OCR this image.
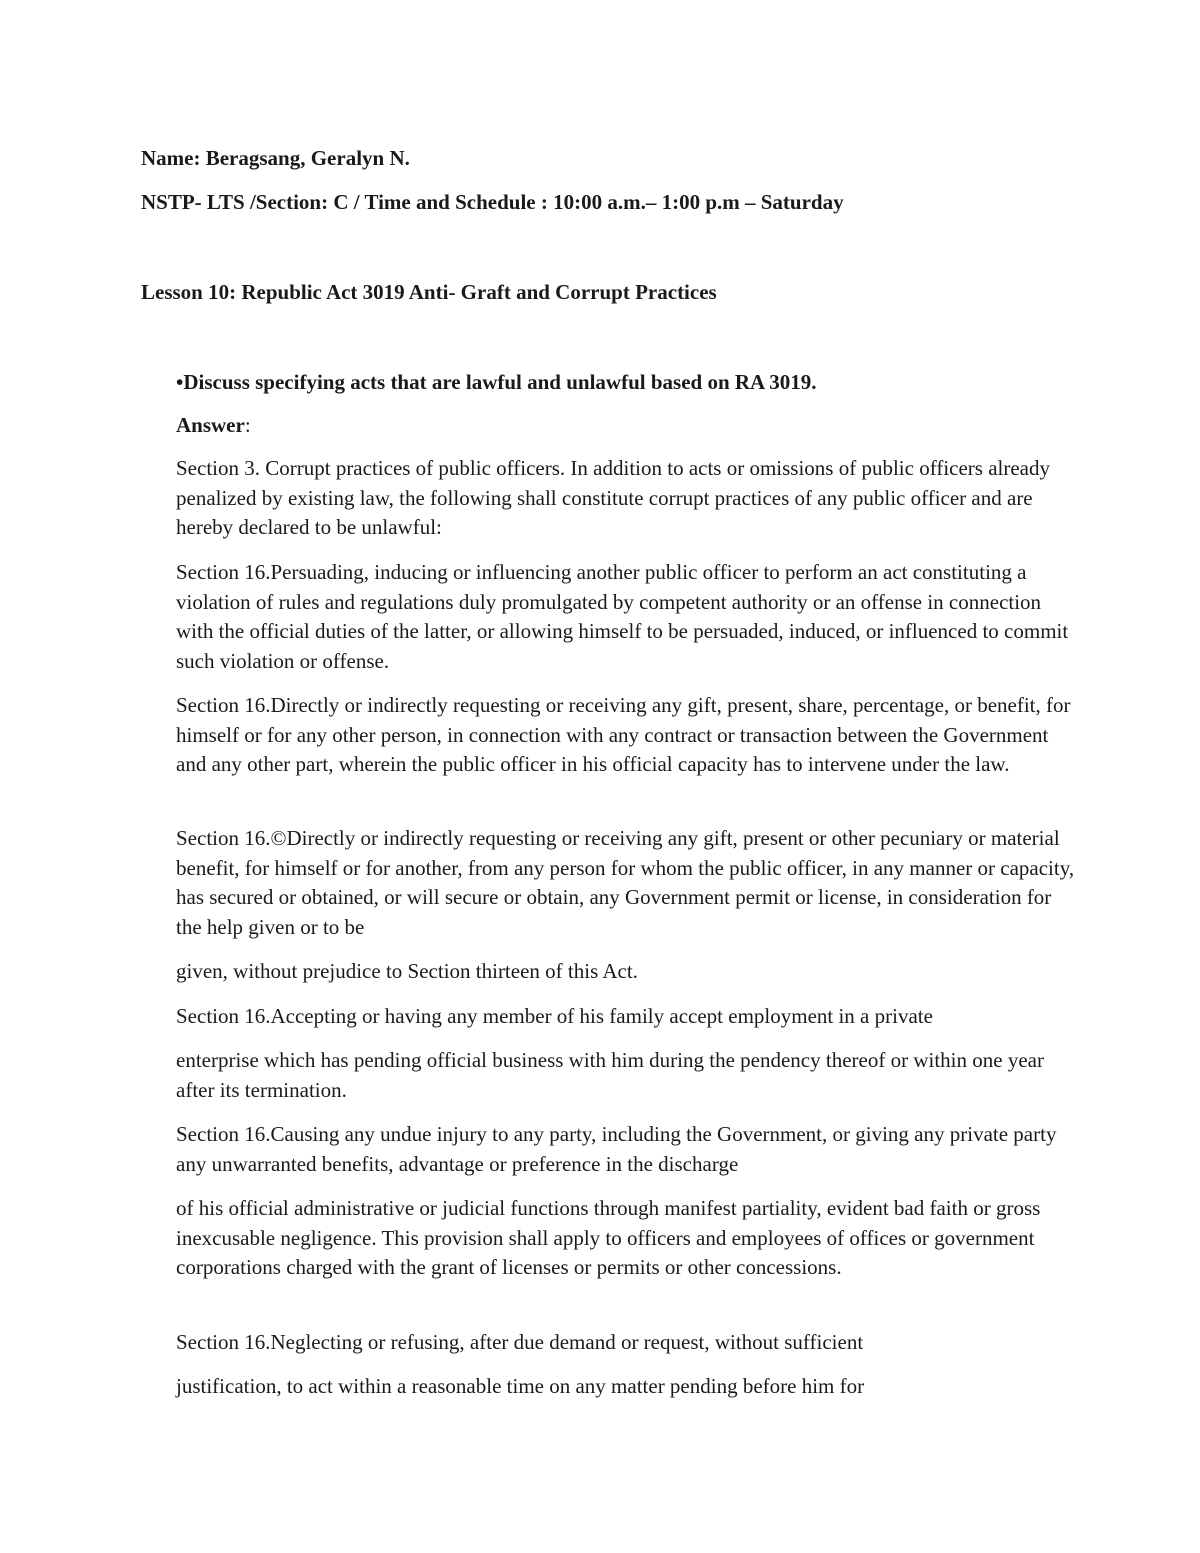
Name: Beragsang, Geralyn N.
NSTP- LTS /Section: C / Time and Schedule : 10:00 a.m.– 1:00 p.m – Saturday
Lesson 10: Republic Act 3019 Anti- Graft and Corrupt Practices
•Discuss specifying acts that are lawful and unlawful based on RA 3019.
Answer:

Section 3. Corrupt practices of public officers. In addition to acts or omissions of public officers already penalized by existing law, the following shall constitute corrupt practices of any public officer and are hereby declared to be unlawful:

Section 16.Persuading, inducing or influencing another public officer to perform an act constituting a violation of rules and regulations duly promulgated by competent authority or an offense in connection with the official duties of the latter, or allowing himself to be persuaded, induced, or influenced to commit such violation or offense.

Section 16.Directly or indirectly requesting or receiving any gift, present, share, percentage, or benefit, for himself or for any other person, in connection with any contract or transaction between the Government and any other part, wherein the public officer in his official capacity has to intervene under the law.

Section 16.©Directly or indirectly requesting or receiving any gift, present or other pecuniary or material benefit, for himself or for another, from any person for whom the public officer, in any manner or capacity, has secured or obtained, or will secure or obtain, any Government permit or license, in consideration for the help given or to be

given, without prejudice to Section thirteen of this Act.

Section 16.Accepting or having any member of his family accept employment in a private

enterprise which has pending official business with him during the pendency thereof or within one year after its termination.

Section 16.Causing any undue injury to any party, including the Government, or giving any private party any unwarranted benefits, advantage or preference in the discharge

of his official administrative or judicial functions through manifest partiality, evident bad faith or gross inexcusable negligence. This provision shall apply to officers and employees of offices or government corporations charged with the grant of licenses or permits or other concessions.

Section 16.Neglecting or refusing, after due demand or request, without sufficient

justification, to act within a reasonable time on any matter pending before him for
